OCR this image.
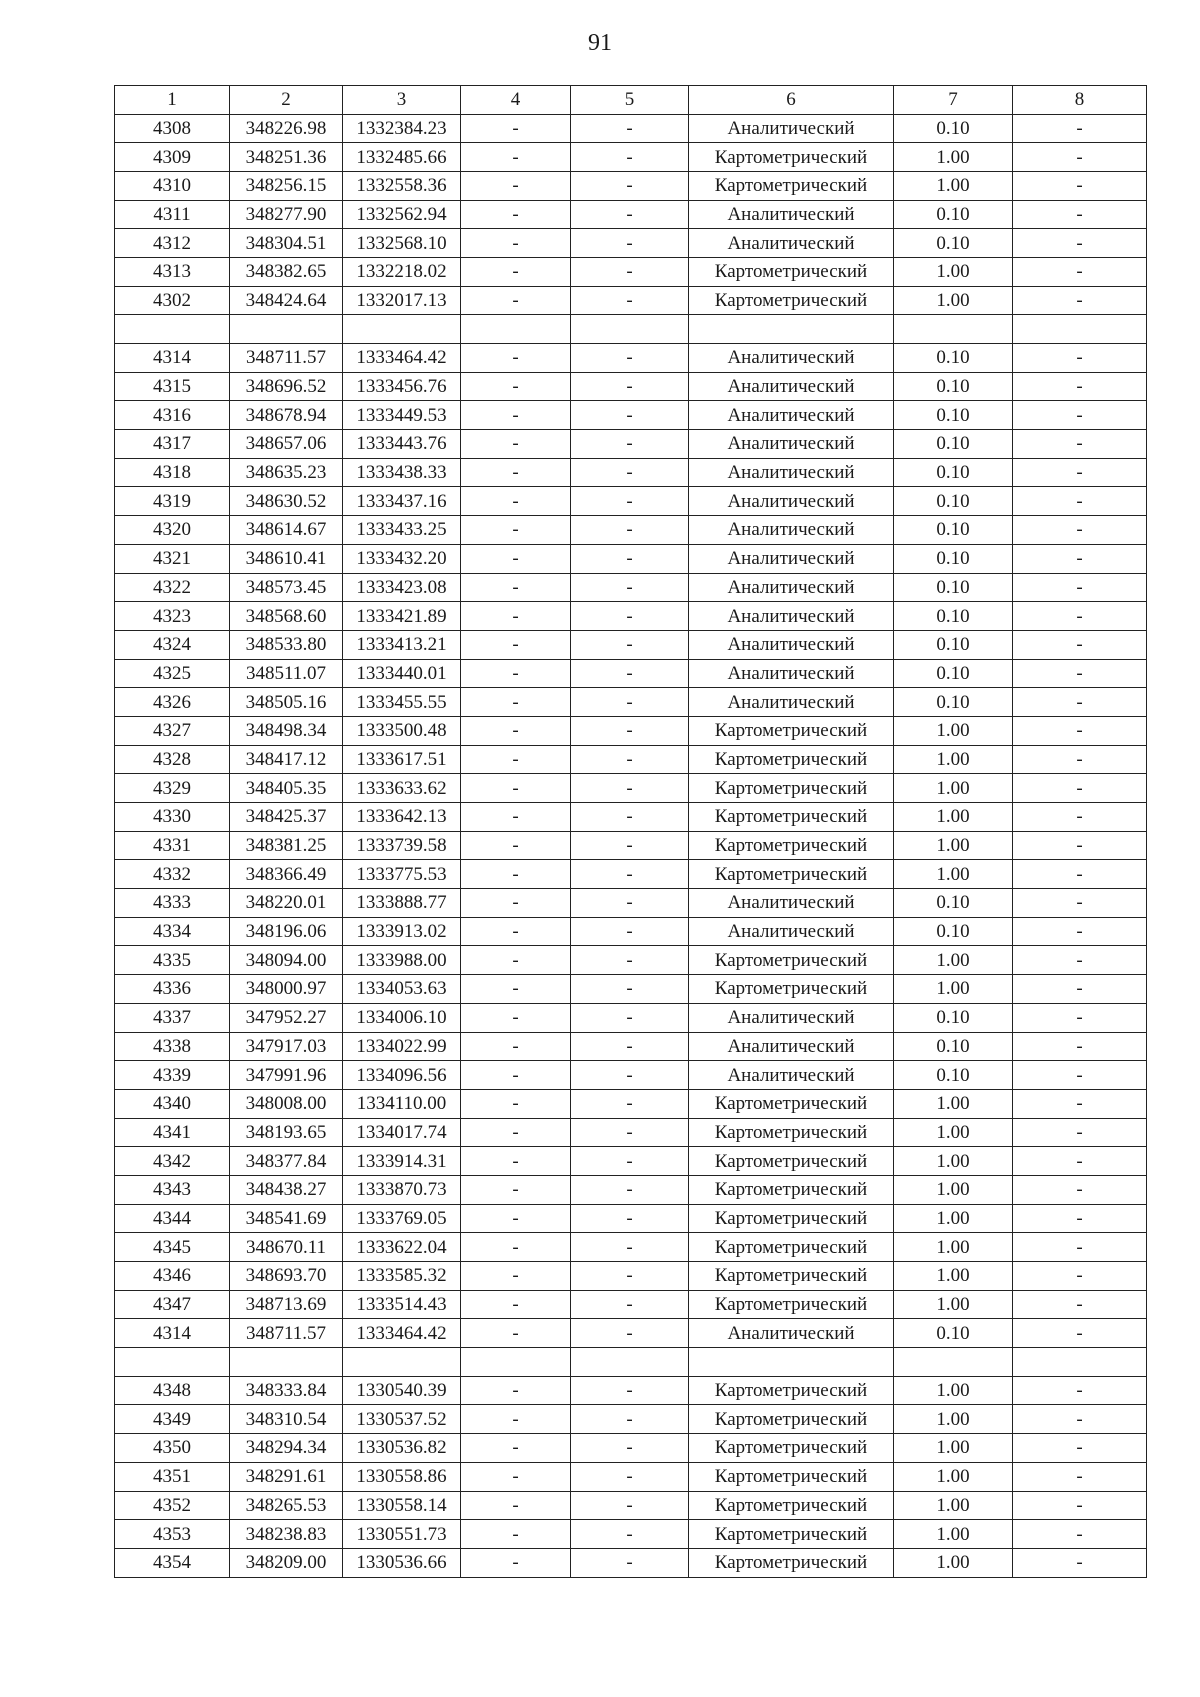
91
1	2	3	4	5	6	7	8
4308	348226.98	1332384.23	-	-	Аналитический	0.10	-
4309	348251.36	1332485.66	-	-	Картометрический	1.00	-
4310	348256.15	1332558.36	-	-	Картометрический	1.00	-
4311	348277.90	1332562.94	-	-	Аналитический	0.10	-
4312	348304.51	1332568.10	-	-	Аналитический	0.10	-
4313	348382.65	1332218.02	-	-	Картометрический	1.00	-
4302	348424.64	1332017.13	-	-	Картометрический	1.00	-

4314	348711.57	1333464.42	-	-	Аналитический	0.10	-
4315	348696.52	1333456.76	-	-	Аналитический	0.10	-
4316	348678.94	1333449.53	-	-	Аналитический	0.10	-
4317	348657.06	1333443.76	-	-	Аналитический	0.10	-
4318	348635.23	1333438.33	-	-	Аналитический	0.10	-
4319	348630.52	1333437.16	-	-	Аналитический	0.10	-
4320	348614.67	1333433.25	-	-	Аналитический	0.10	-
4321	348610.41	1333432.20	-	-	Аналитический	0.10	-
4322	348573.45	1333423.08	-	-	Аналитический	0.10	-
4323	348568.60	1333421.89	-	-	Аналитический	0.10	-
4324	348533.80	1333413.21	-	-	Аналитический	0.10	-
4325	348511.07	1333440.01	-	-	Аналитический	0.10	-
4326	348505.16	1333455.55	-	-	Аналитический	0.10	-
4327	348498.34	1333500.48	-	-	Картометрический	1.00	-
4328	348417.12	1333617.51	-	-	Картометрический	1.00	-
4329	348405.35	1333633.62	-	-	Картометрический	1.00	-
4330	348425.37	1333642.13	-	-	Картометрический	1.00	-
4331	348381.25	1333739.58	-	-	Картометрический	1.00	-
4332	348366.49	1333775.53	-	-	Картометрический	1.00	-
4333	348220.01	1333888.77	-	-	Аналитический	0.10	-
4334	348196.06	1333913.02	-	-	Аналитический	0.10	-
4335	348094.00	1333988.00	-	-	Картометрический	1.00	-
4336	348000.97	1334053.63	-	-	Картометрический	1.00	-
4337	347952.27	1334006.10	-	-	Аналитический	0.10	-
4338	347917.03	1334022.99	-	-	Аналитический	0.10	-
4339	347991.96	1334096.56	-	-	Аналитический	0.10	-
4340	348008.00	1334110.00	-	-	Картометрический	1.00	-
4341	348193.65	1334017.74	-	-	Картометрический	1.00	-
4342	348377.84	1333914.31	-	-	Картометрический	1.00	-
4343	348438.27	1333870.73	-	-	Картометрический	1.00	-
4344	348541.69	1333769.05	-	-	Картометрический	1.00	-
4345	348670.11	1333622.04	-	-	Картометрический	1.00	-
4346	348693.70	1333585.32	-	-	Картометрический	1.00	-
4347	348713.69	1333514.43	-	-	Картометрический	1.00	-
4314	348711.57	1333464.42	-	-	Аналитический	0.10	-

4348	348333.84	1330540.39	-	-	Картометрический	1.00	-
4349	348310.54	1330537.52	-	-	Картометрический	1.00	-
4350	348294.34	1330536.82	-	-	Картометрический	1.00	-
4351	348291.61	1330558.86	-	-	Картометрический	1.00	-
4352	348265.53	1330558.14	-	-	Картометрический	1.00	-
4353	348238.83	1330551.73	-	-	Картометрический	1.00	-
4354	348209.00	1330536.66	-	-	Картометрический	1.00	-
